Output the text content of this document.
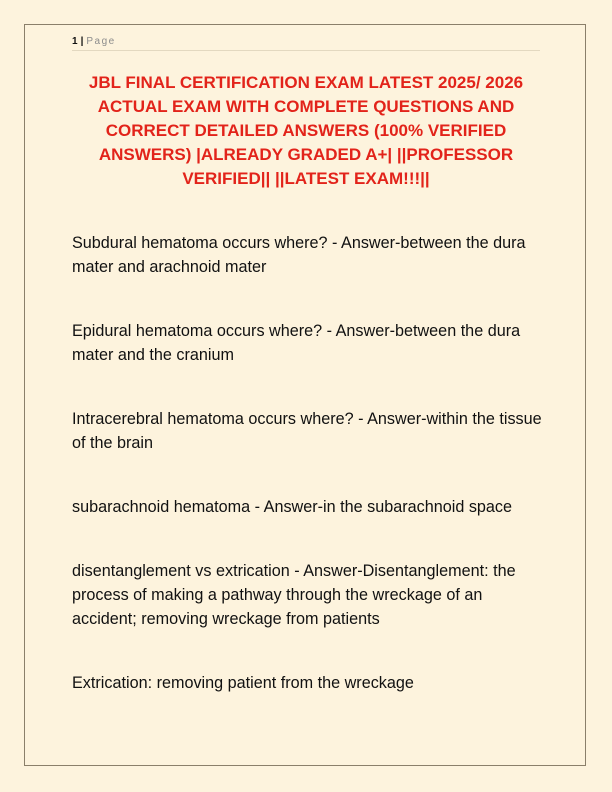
1 | Page
JBL FINAL CERTIFICATION EXAM LATEST 2025/ 2026 ACTUAL EXAM WITH COMPLETE QUESTIONS AND CORRECT DETAILED ANSWERS (100% VERIFIED ANSWERS) |ALREADY GRADED A+| ||PROFESSOR VERIFIED|| ||LATEST EXAM!!!||
Subdural hematoma occurs where? - Answer-between the dura mater and arachnoid mater
Epidural hematoma occurs where? - Answer-between the dura mater and the cranium
Intracerebral hematoma occurs where? - Answer-within the tissue of the brain
subarachnoid hematoma - Answer-in the subarachnoid space
disentanglement vs extrication - Answer-Disentanglement: the process of making a pathway through the wreckage of an accident; removing wreckage from patients
Extrication: removing patient from the wreckage
